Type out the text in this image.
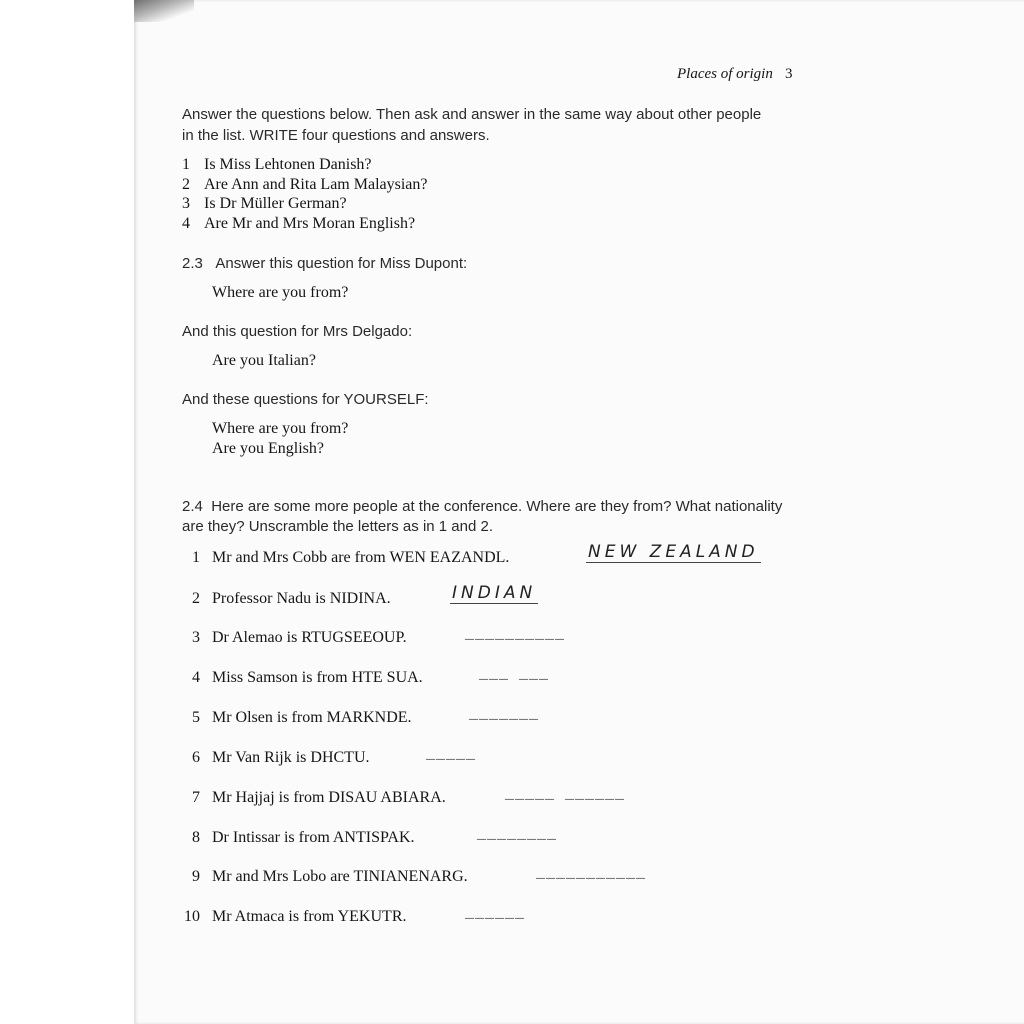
Places of origin 3
Answer the questions below. Then ask and answer in the same way about other people
in the list. WRITE four questions and answers.
1 Is Miss Lehtonen Danish?
2 Are Ann and Rita Lam Malaysian?
3 Is Dr Müller German?
4 Are Mr and Mrs Moran English?
2.3 Answer this question for Miss Dupont:
Where are you from?
And this question for Mrs Delgado:
Are you Italian?
And these questions for YOURSELF:
Where are you from?
Are you English?
2.4 Here are some more people at the conference. Where are they from? What nationality
are they? Unscramble the letters as in 1 and 2.
1 Mr and Mrs Cobb are from WEN EAZANDL.	NEW ZEALAND
2 Professor Nadu is NIDINA.	INDIAN
3 Dr Alemao is RTUGSEEOUP.	__________
4 Miss Samson is from HTE SUA.	___ ___
5 Mr Olsen is from MARKNDE.	_______
6 Mr Van Rijk is DHCTU.	_____
7 Mr Hajjaj is from DISAU ABIARA.	_____ ______
8 Dr Intissar is from ANTISPAK.	________
9 Mr and Mrs Lobo are TINIANENARG.	___________
10 Mr Atmaca is from YEKUTR.	______
